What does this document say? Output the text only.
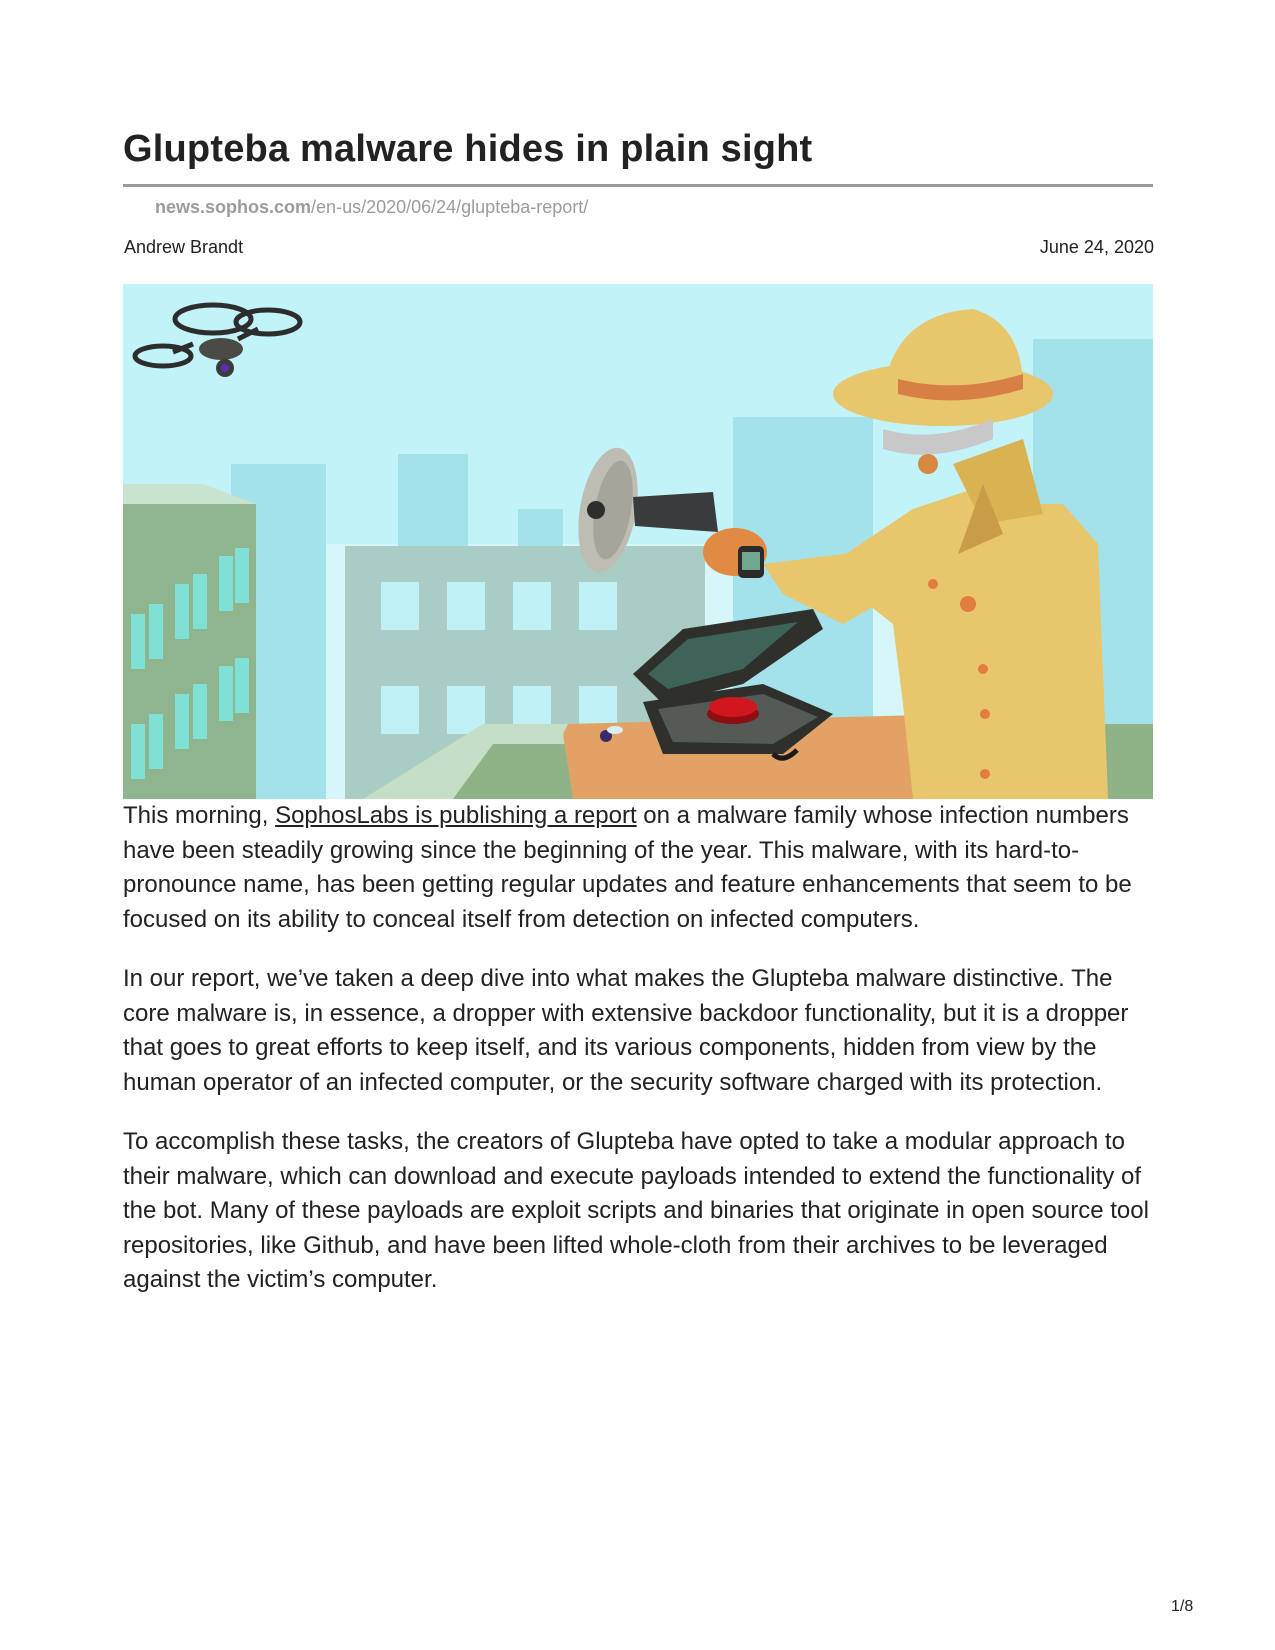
Glupteba malware hides in plain sight
news.sophos.com/en-us/2020/06/24/glupteba-report/
Andrew Brandt	June 24, 2020

This morning, SophosLabs is publishing a report on a malware family whose infection numbers have been steadily growing since the beginning of the year. This malware, with its hard-to-pronounce name, has been getting regular updates and feature enhancements that seem to be focused on its ability to conceal itself from detection on infected computers.

In our report, we’ve taken a deep dive into what makes the Glupteba malware distinctive. The core malware is, in essence, a dropper with extensive backdoor functionality, but it is a dropper that goes to great efforts to keep itself, and its various components, hidden from view by the human operator of an infected computer, or the security software charged with its protection.

To accomplish these tasks, the creators of Glupteba have opted to take a modular approach to their malware, which can download and execute payloads intended to extend the functionality of the bot. Many of these payloads are exploit scripts and binaries that originate in open source tool repositories, like Github, and have been lifted whole-cloth from their archives to be leveraged against the victim’s computer.

1/8
